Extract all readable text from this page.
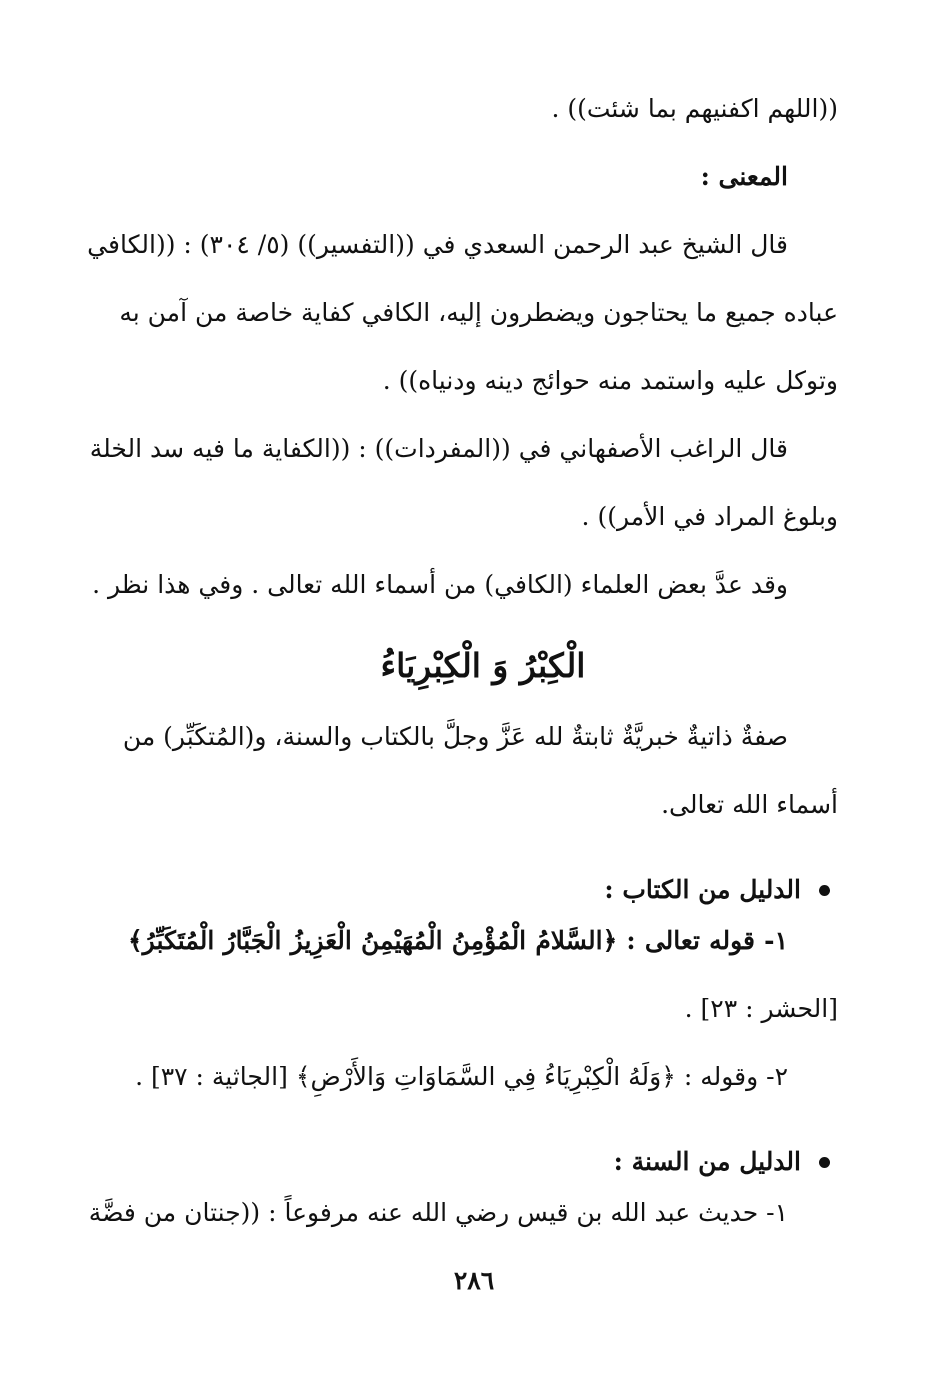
((اللهم اكفنيهم بما شئت)) .
المعنى :
قال الشيخ عبد الرحمن السعدي في ((التفسير)) (٥/ ٣٠٤) : ((الكافي
عباده جميع ما يحتاجون ويضطرون إليه، الكافي كفاية خاصة من آمن به
وتوكل عليه واستمد منه حوائج دينه ودنياه)) .
قال الراغب الأصفهاني في ((المفردات)) : ((الكفاية ما فيه سد الخلة
وبلوغ المراد في الأمر)) .
وقد عدَّ بعض العلماء (الكافي) من أسماء الله تعالى . وفي هذا نظر .
الْكِبْرُ وَ الْكِبْرِيَاءُ
صفةٌ ذاتيةٌ خبريَّةٌ ثابتةٌ لله عَزَّ وجلَّ بالكتاب والسنة، و(المُتكَبِّر) من
أسماء الله تعالى.
الدليل من الكتاب :
١- قوله تعالى : ﴿السَّلامُ الْمُؤْمِنُ الْمُهَيْمِنُ الْعَزِيزُ الْجَبَّارُ الْمُتَكَبِّرُ﴾
[الحشر : ٢٣] .
٢- وقوله : ﴿وَلَهُ الْكِبْرِيَاءُ فِي السَّمَاوَاتِ وَالأَرْضِ﴾ [الجاثية : ٣٧] .
الدليل من السنة :
١- حديث عبد الله بن قيس رضي الله عنه مرفوعاً : ((جنتان من فضَّة
٢٨٦
